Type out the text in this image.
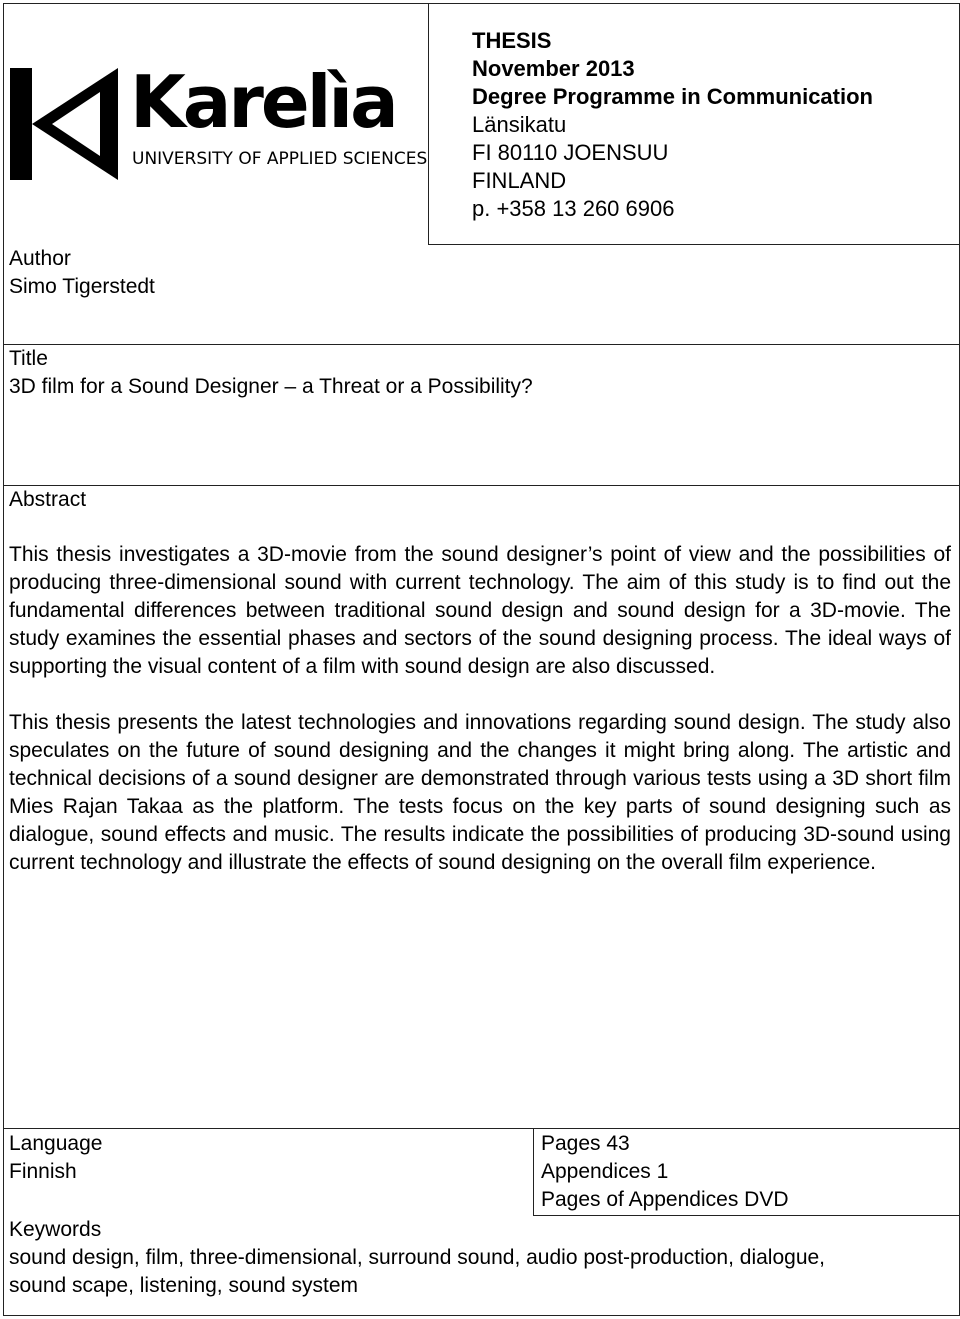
Karelìa
UNIVERSITY OF APPLIED SCIENCES

THESIS

November 2013

Degree Programme in Communication

Länsikatu

FI 80110 JOENSUU

FINLAND

p. +358 13 260 6906

Author

Simo Tigerstedt

Title

3D film for a Sound Designer – a Threat or a Possibility?

Abstract

This thesis investigates a 3D-movie from the sound designer’s point of view and the possibilities of producing three-dimensional sound with current technology. The aim of this study is to find out the fundamental differences between traditional sound design and sound design for a 3D-movie. The study examines the essential phases and sectors of the sound designing process. The ideal ways of supporting the visual content of a film with sound design are also discussed.

This thesis presents the latest technologies and innovations regarding sound design. The study also speculates on the future of sound designing and the changes it might bring along. The artistic and technical decisions of a sound designer are demonstrated through various tests using a 3D short film Mies Rajan Takaa as the platform. The tests focus on the key parts of sound designing such as dialogue, sound effects and music. The results indicate the possibilities of producing 3D-sound using current technology and illustrate the effects of sound designing on the overall film experience.

Language

Finnish

Pages 43

Appendices 1

Pages of Appendices DVD

Keywords

sound design, film, three-dimensional, surround sound, audio post-production, dialogue,

sound scape, listening, sound system
